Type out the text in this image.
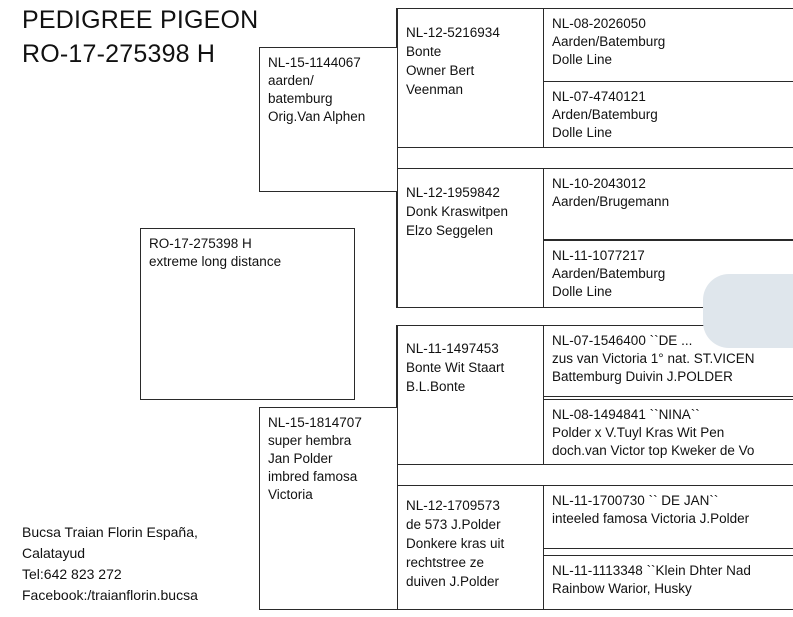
PEDIGREE PIGEON
RO-17-275398 H
RO-17-275398 H
extreme long distance
NL-15-1144067
aarden/
batemburg
Orig.Van Alphen
NL-15-1814707
super hembra
Jan Polder
imbred famosa
Victoria
NL-12-5216934
Bonte
Owner Bert
Veenman
NL-12-1959842
Donk Kraswitpen
Elzo Seggelen
NL-11-1497453
Bonte Wit Staart
B.L.Bonte
NL-12-1709573
de 573 J.Polder
Donkere kras uit
rechtstree ze
duiven J.Polder
NL-08-2026050
Aarden/Batemburg
Dolle Line
NL-07-4740121
Arden/Batemburg
Dolle Line
NL-10-2043012
Aarden/Brugemann
NL-11-1077217
Aarden/Batemburg
Dolle Line
NL-07-1546400 ``DE ...
zus van Victoria 1° nat. ST.VICEN
Battemburg Duivin J.POLDER
NL-08-1494841 ``NINA``
Polder x V.Tuyl Kras Wit Pen
doch.van Victor top Kweker de Vo
NL-11-1700730 `` DE JAN``
inteeled famosa Victoria J.Polder
NL-11-1113348 ``Klein Dhter Nad
Rainbow Warior, Husky
Bucsa Traian Florin España,
Calatayud
Tel:642 823 272
Facebook:/traianflorin.bucsa
